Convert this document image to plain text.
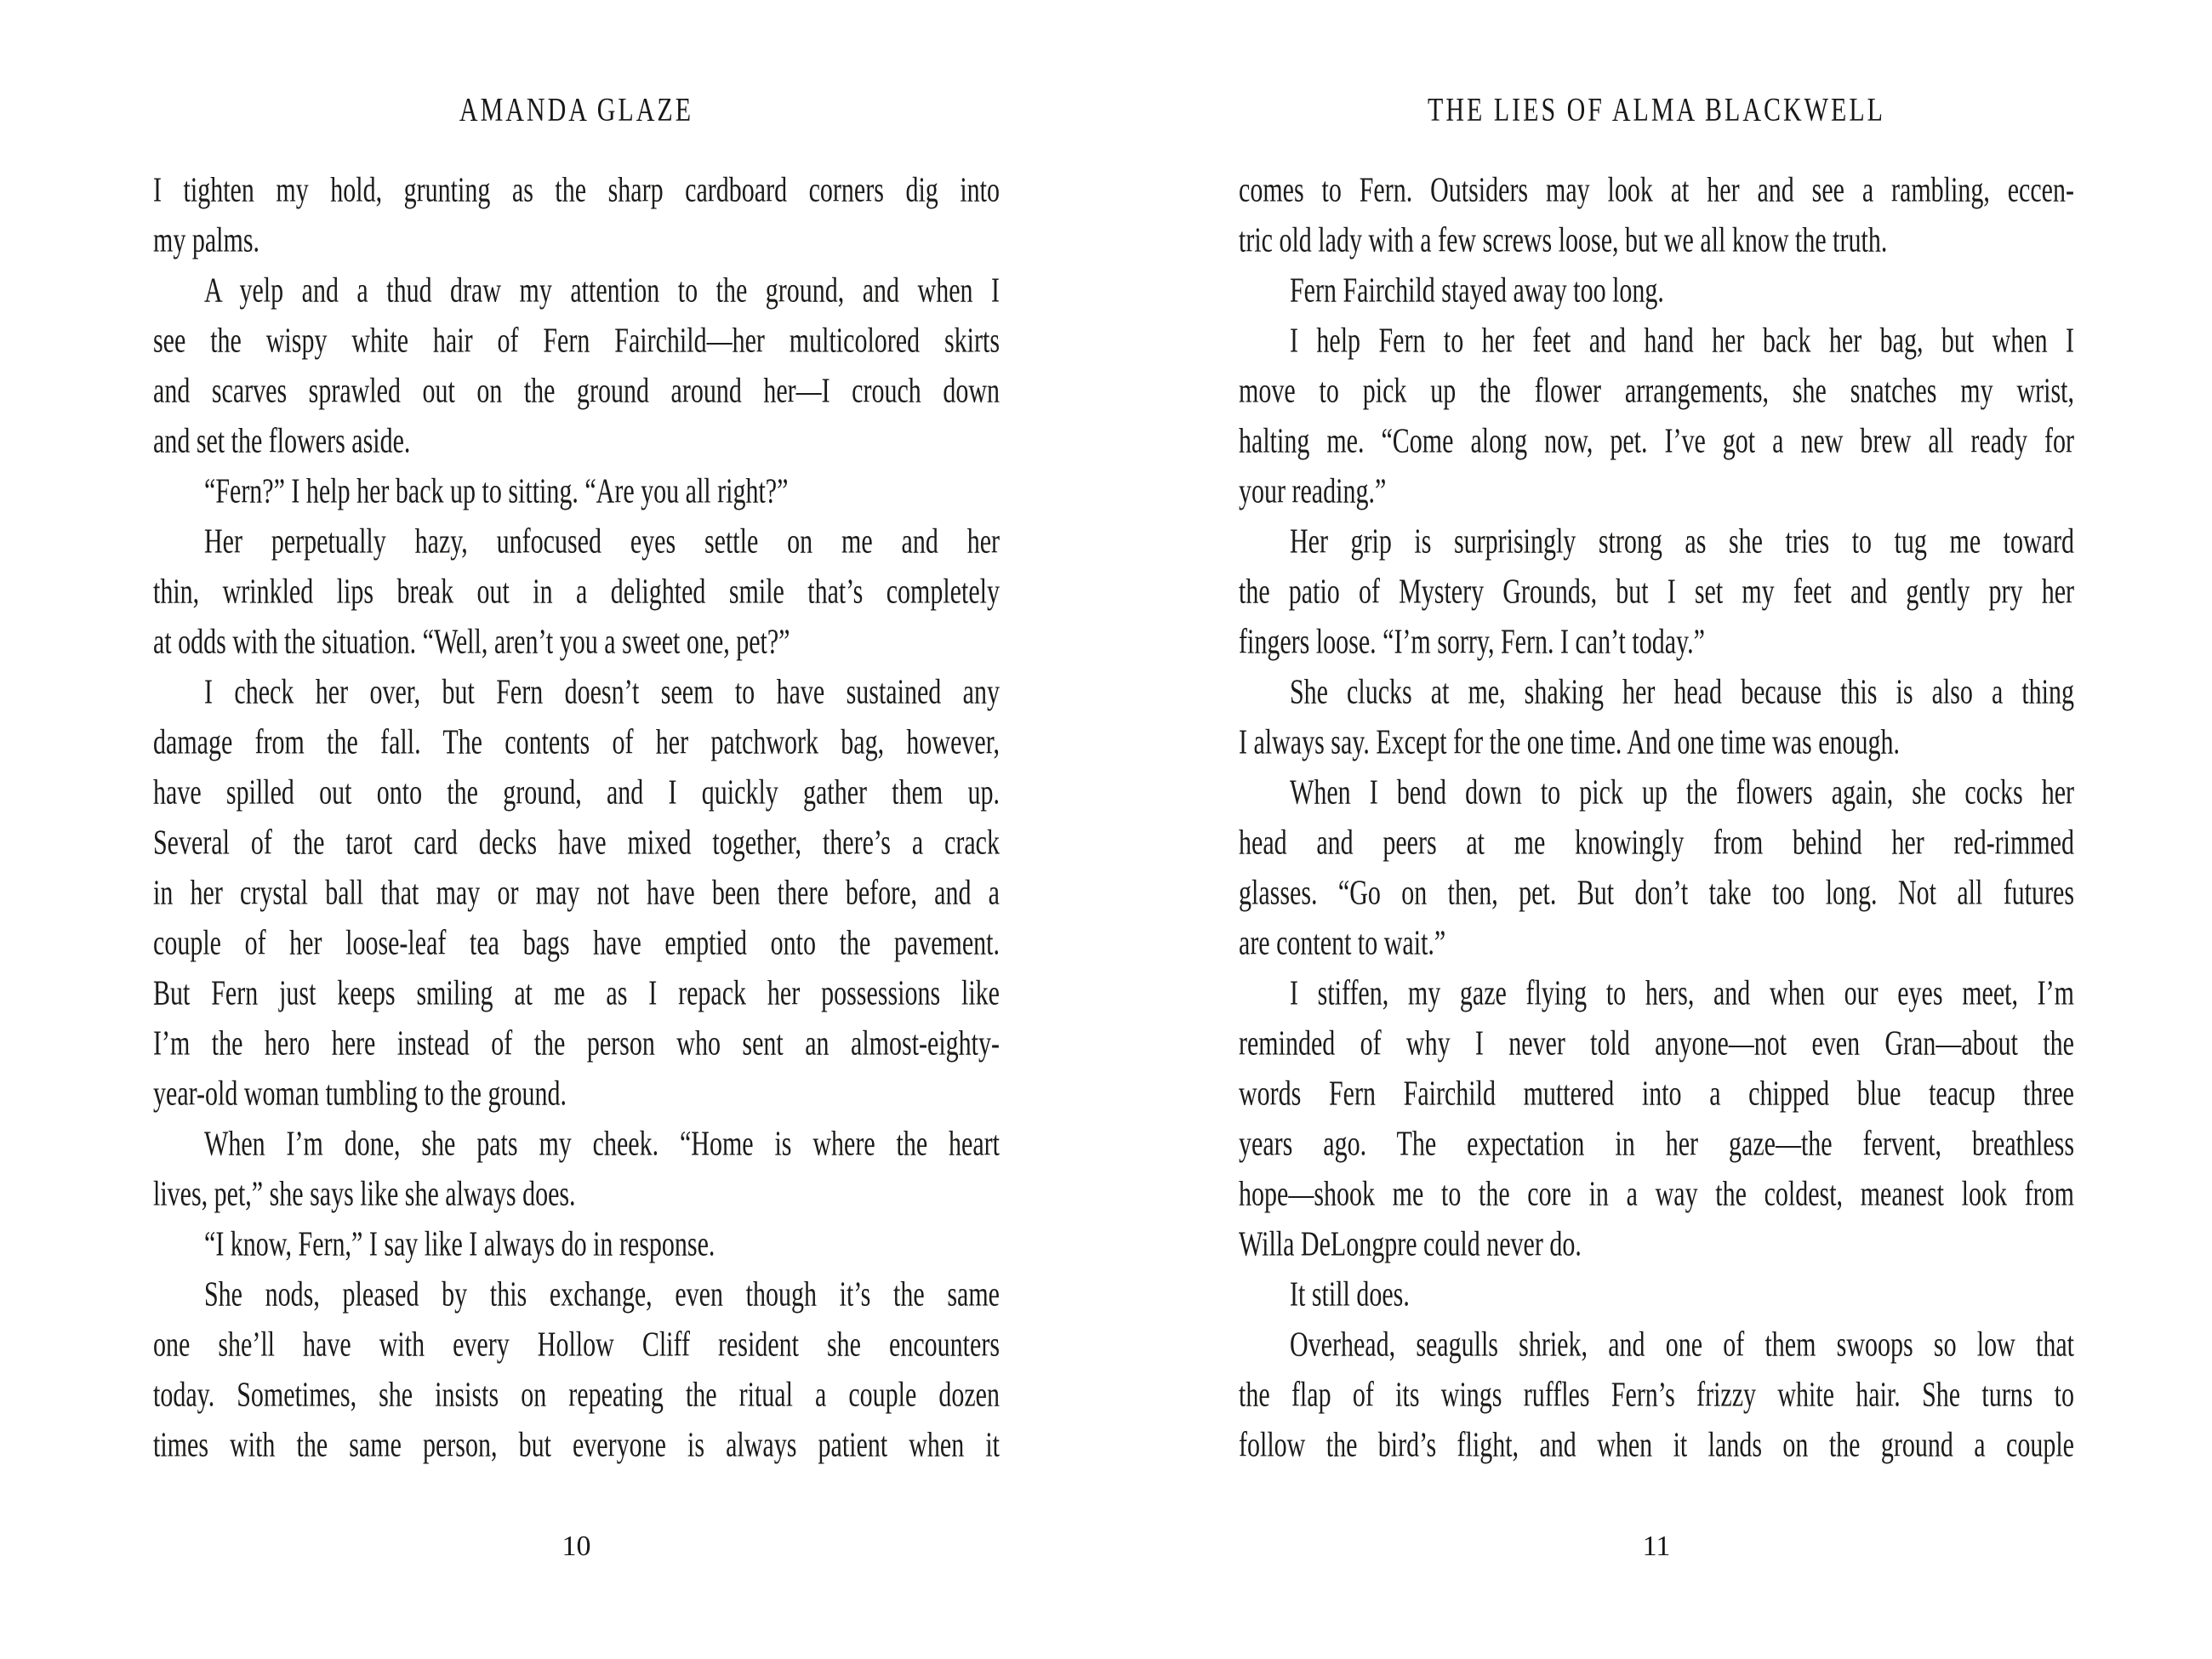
AMANDA GLAZE
I tighten my hold, grunting as the sharp cardboard corners dig into
my palms.
A yelp and a thud draw my attention to the ground, and when I
see the wispy white hair of Fern Fairchild—her multicolored skirts
and scarves sprawled out on the ground around her—I crouch down
and set the flowers aside.
“Fern?” I help her back up to sitting. “Are you all right?”
Her perpetually hazy, unfocused eyes settle on me and her
thin, wrinkled lips break out in a delighted smile that’s completely
at odds with the situation. “Well, aren’t you a sweet one, pet?”
I check her over, but Fern doesn’t seem to have sustained any
damage from the fall. The contents of her patchwork bag, however,
have spilled out onto the ground, and I quickly gather them up.
Several of the tarot card decks have mixed together, there’s a crack
in her crystal ball that may or may not have been there before, and a
couple of her loose-leaf tea bags have emptied onto the pavement.
But Fern just keeps smiling at me as I repack her possessions like
I’m the hero here instead of the person who sent an almost-eighty-
year-old woman tumbling to the ground.
When I’m done, she pats my cheek. “Home is where the heart
lives, pet,” she says like she always does.
“I know, Fern,” I say like I always do in response.
She nods, pleased by this exchange, even though it’s the same
one she’ll have with every Hollow Cliff resident she encounters
today. Sometimes, she insists on repeating the ritual a couple dozen
times with the same person, but everyone is always patient when it
10
THE LIES OF ALMA BLACKWELL
comes to Fern. Outsiders may look at her and see a rambling, eccen-
tric old lady with a few screws loose, but we all know the truth.
Fern Fairchild stayed away too long.
I help Fern to her feet and hand her back her bag, but when I
move to pick up the flower arrangements, she snatches my wrist,
halting me. “Come along now, pet. I’ve got a new brew all ready for
your reading.”
Her grip is surprisingly strong as she tries to tug me toward
the patio of Mystery Grounds, but I set my feet and gently pry her
fingers loose. “I’m sorry, Fern. I can’t today.”
She clucks at me, shaking her head because this is also a thing
I always say. Except for the one time. And one time was enough.
When I bend down to pick up the flowers again, she cocks her
head and peers at me knowingly from behind her red-rimmed
glasses. “Go on then, pet. But don’t take too long. Not all futures
are content to wait.”
I stiffen, my gaze flying to hers, and when our eyes meet, I’m
reminded of why I never told anyone—not even Gran—about the
words Fern Fairchild muttered into a chipped blue teacup three
years ago. The expectation in her gaze—the fervent, breathless
hope—shook me to the core in a way the coldest, meanest look from
Willa DeLongpre could never do.
It still does.
Overhead, seagulls shriek, and one of them swoops so low that
the flap of its wings ruffles Fern’s frizzy white hair. She turns to
follow the bird’s flight, and when it lands on the ground a couple
11
